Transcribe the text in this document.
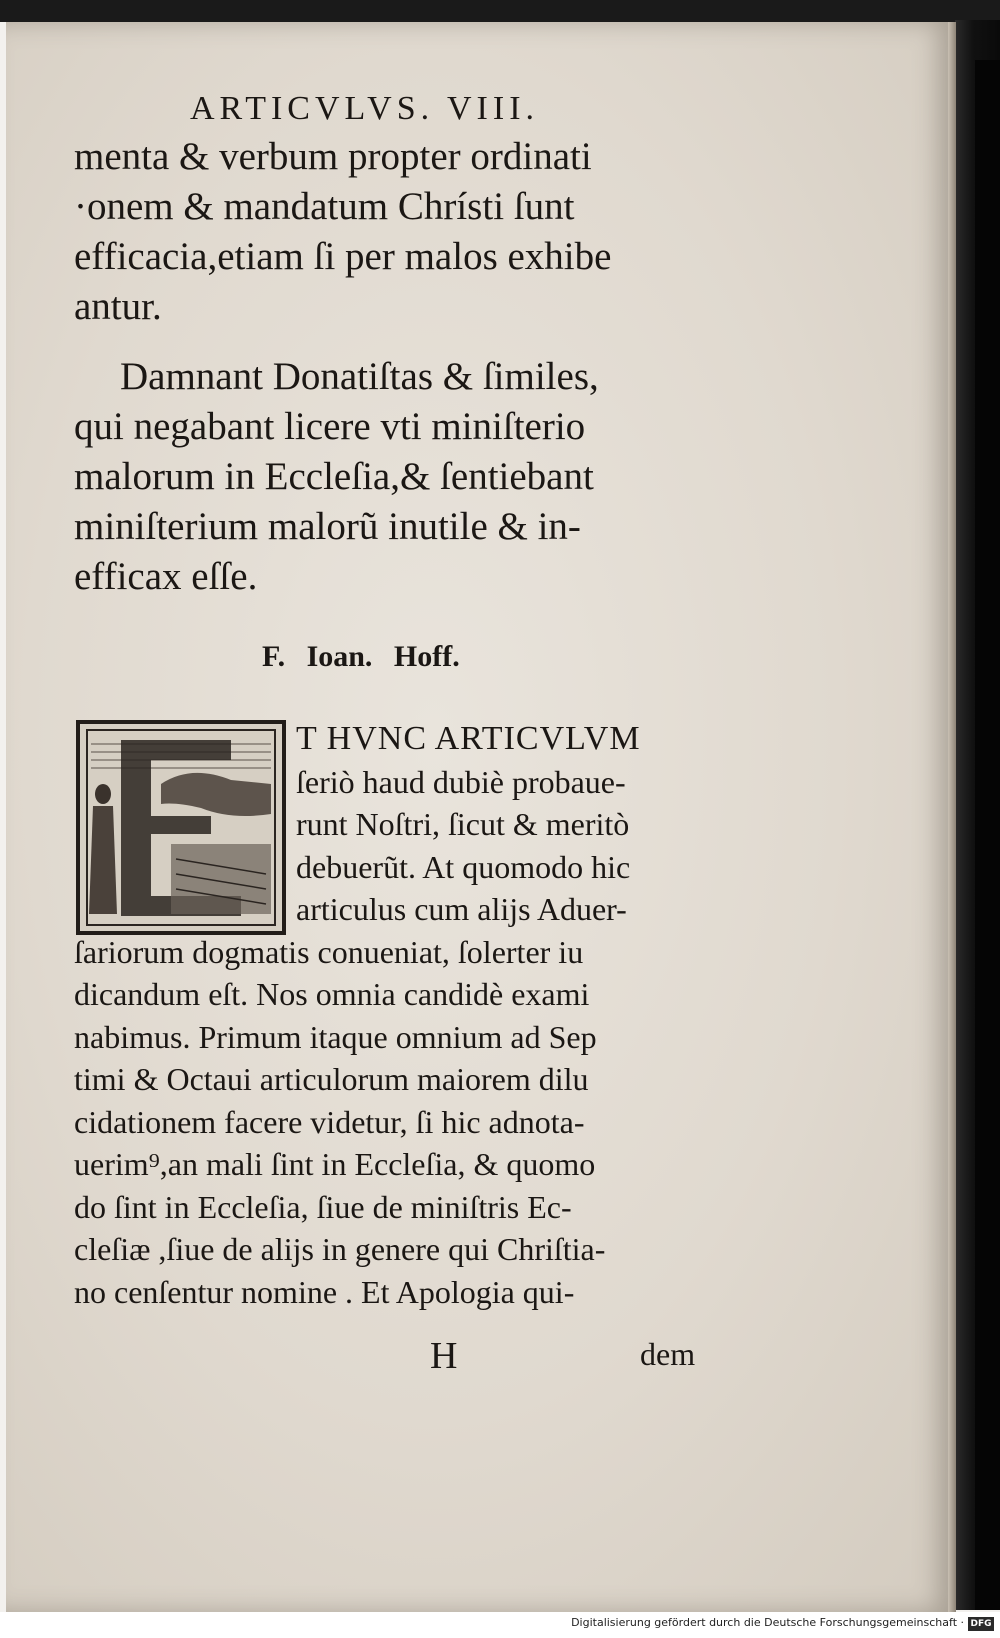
ARTICVLVS. VIII.
menta & verbum propter ordinati
·onem & mandatum Chrísti ſunt
efficacia,etiam ſi per malos exhibe
antur.
Damnant Donatiſtas & ſimiles,
qui negabant licere vti miniſterio
malorum in Eccleſia,& ſentiebant
miniſterium malorũ inutile & in-
efficax eſſe.
F. Ioan. Hoff.
T HVNC ARTICVLVM
ſeriò haud dubiè probaue-
runt Noſtri, ſicut & meritò
debuerũt. At quomodo hic
articulus cum alijs Aduer-
ſariorum dogmatis conueniat, ſolerter iu
dicandum eſt. Nos omnia candidè exami
nabimus. Primum itaque omnium ad Sep
timi & Octaui articulorum maiorem dilu
cidationem facere videtur, ſi hic adnota-
uerim⁹,an mali ſint in Eccleſia, & quomo
do ſint in Eccleſia, ſiue de miniſtris Ec-
cleſiæ ,ſiue de alijs in genere qui Chriſtia-
no cenſentur nomine . Et Apologia qui-
H	dem
Digitalisierung gefördert durch die Deutsche Forschungsgemeinschaft · DFG
